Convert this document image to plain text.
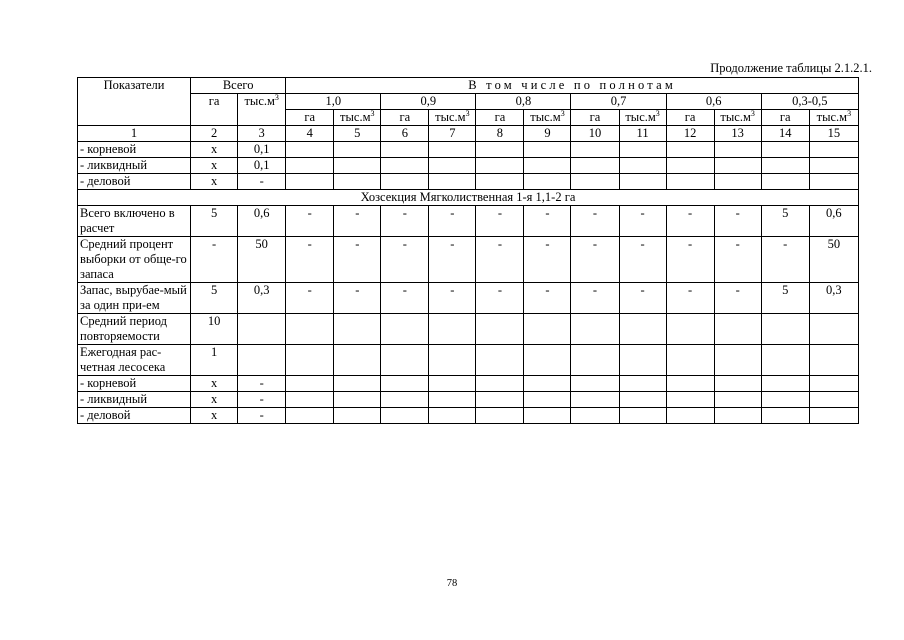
Продолжение таблицы 2.1.2.1.
Показатели	Всего		В том числе по полнотам											
	га	$тыс.м^3$	1,0		0,9		0,8		0,7		0,6		0,3-0,5	
			га	$тыс.м^3$	га	$тыс.м^3$	га	$тыс.м^3$	га	$тыс.м^3$	га	$тыс.м^3$	га	$тыс.м^3$
1	2	3	4	5	6	7	8	9	10	11	12	13	14	15
- корневой	x	0,1												
- ликвидный	x	0,1												
- деловой	x	-												
Хозсекция Мягколиственная 1-я 1,1-2 га														
Всего включено в расчет	5	0,6	-	-	-	-	-	-	-	-	-	-	5	0,6
Средний процент выборки от обще-го запаса	-	50	-	-	-	-	-	-	-	-	-	-	-	50
Запас, вырубае-мый за один при-ем	5	0,3	-	-	-	-	-	-	-	-	-	-	5	0,3
Средний период повторяемости	10													
Ежегодная рас-четная лесосека	1													
- корневой	x	-												
- ликвидный	x	-												
- деловой	x	-												
78
